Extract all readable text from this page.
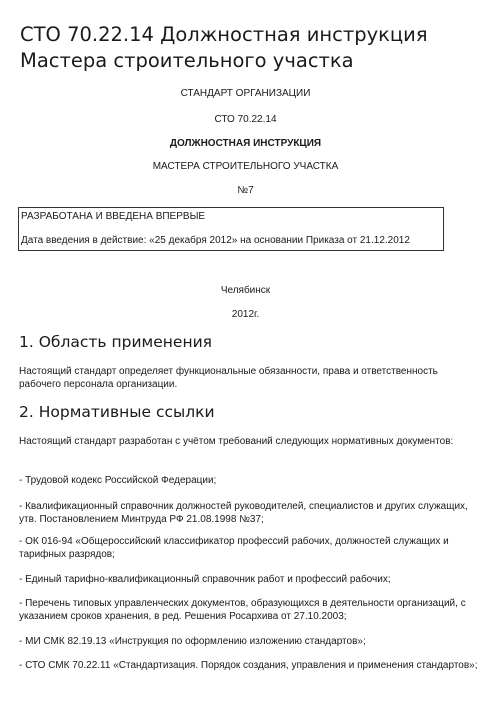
СТО 70.22.14 Должностная инструкция Мастера строительного участка
СТАНДАРТ ОРГАНИЗАЦИИ
СТО 70.22.14
ДОЛЖНОСТНАЯ ИНСТРУКЦИЯ
МАСТЕРА СТРОИТЕЛЬНОГО УЧАСТКА
№7
РАЗРАБОТАНА И ВВЕДЕНА ВПЕРВЫЕ
Дата введения в действие: «25 декабря 2012» на основании Приказа от 21.12.2012
Челябинск
2012г.
1. Область применения
Настоящий стандарт определяет функциональные обязанности, права и ответственность рабочего персонала организации.
2. Нормативные ссылки
Настоящий стандарт разработан с учётом требований следующих нормативных документов:
- Трудовой кодекс Российской Федерации;
- Квалификационный справочник должностей руководителей, специалистов и других служащих, утв. Постановлением Минтруда РФ 21.08.1998 №37;
- ОК 016-94 «Общероссийский классификатор профессий рабочих, должностей служащих и тарифных разрядов;
- Единый тарифно-квалификационный справочник работ и профессий рабочих;
- Перечень типовых управленческих документов, образующихся в деятельности организаций, с указанием сроков хранения, в ред. Решения Росархива от 27.10.2003;
- МИ СМК 82.19.13 «Инструкция по оформлению изложению стандартов»;
- СТО СМК 70.22.11 «Стандартизация. Порядок создания, управления и применения стандартов»;
